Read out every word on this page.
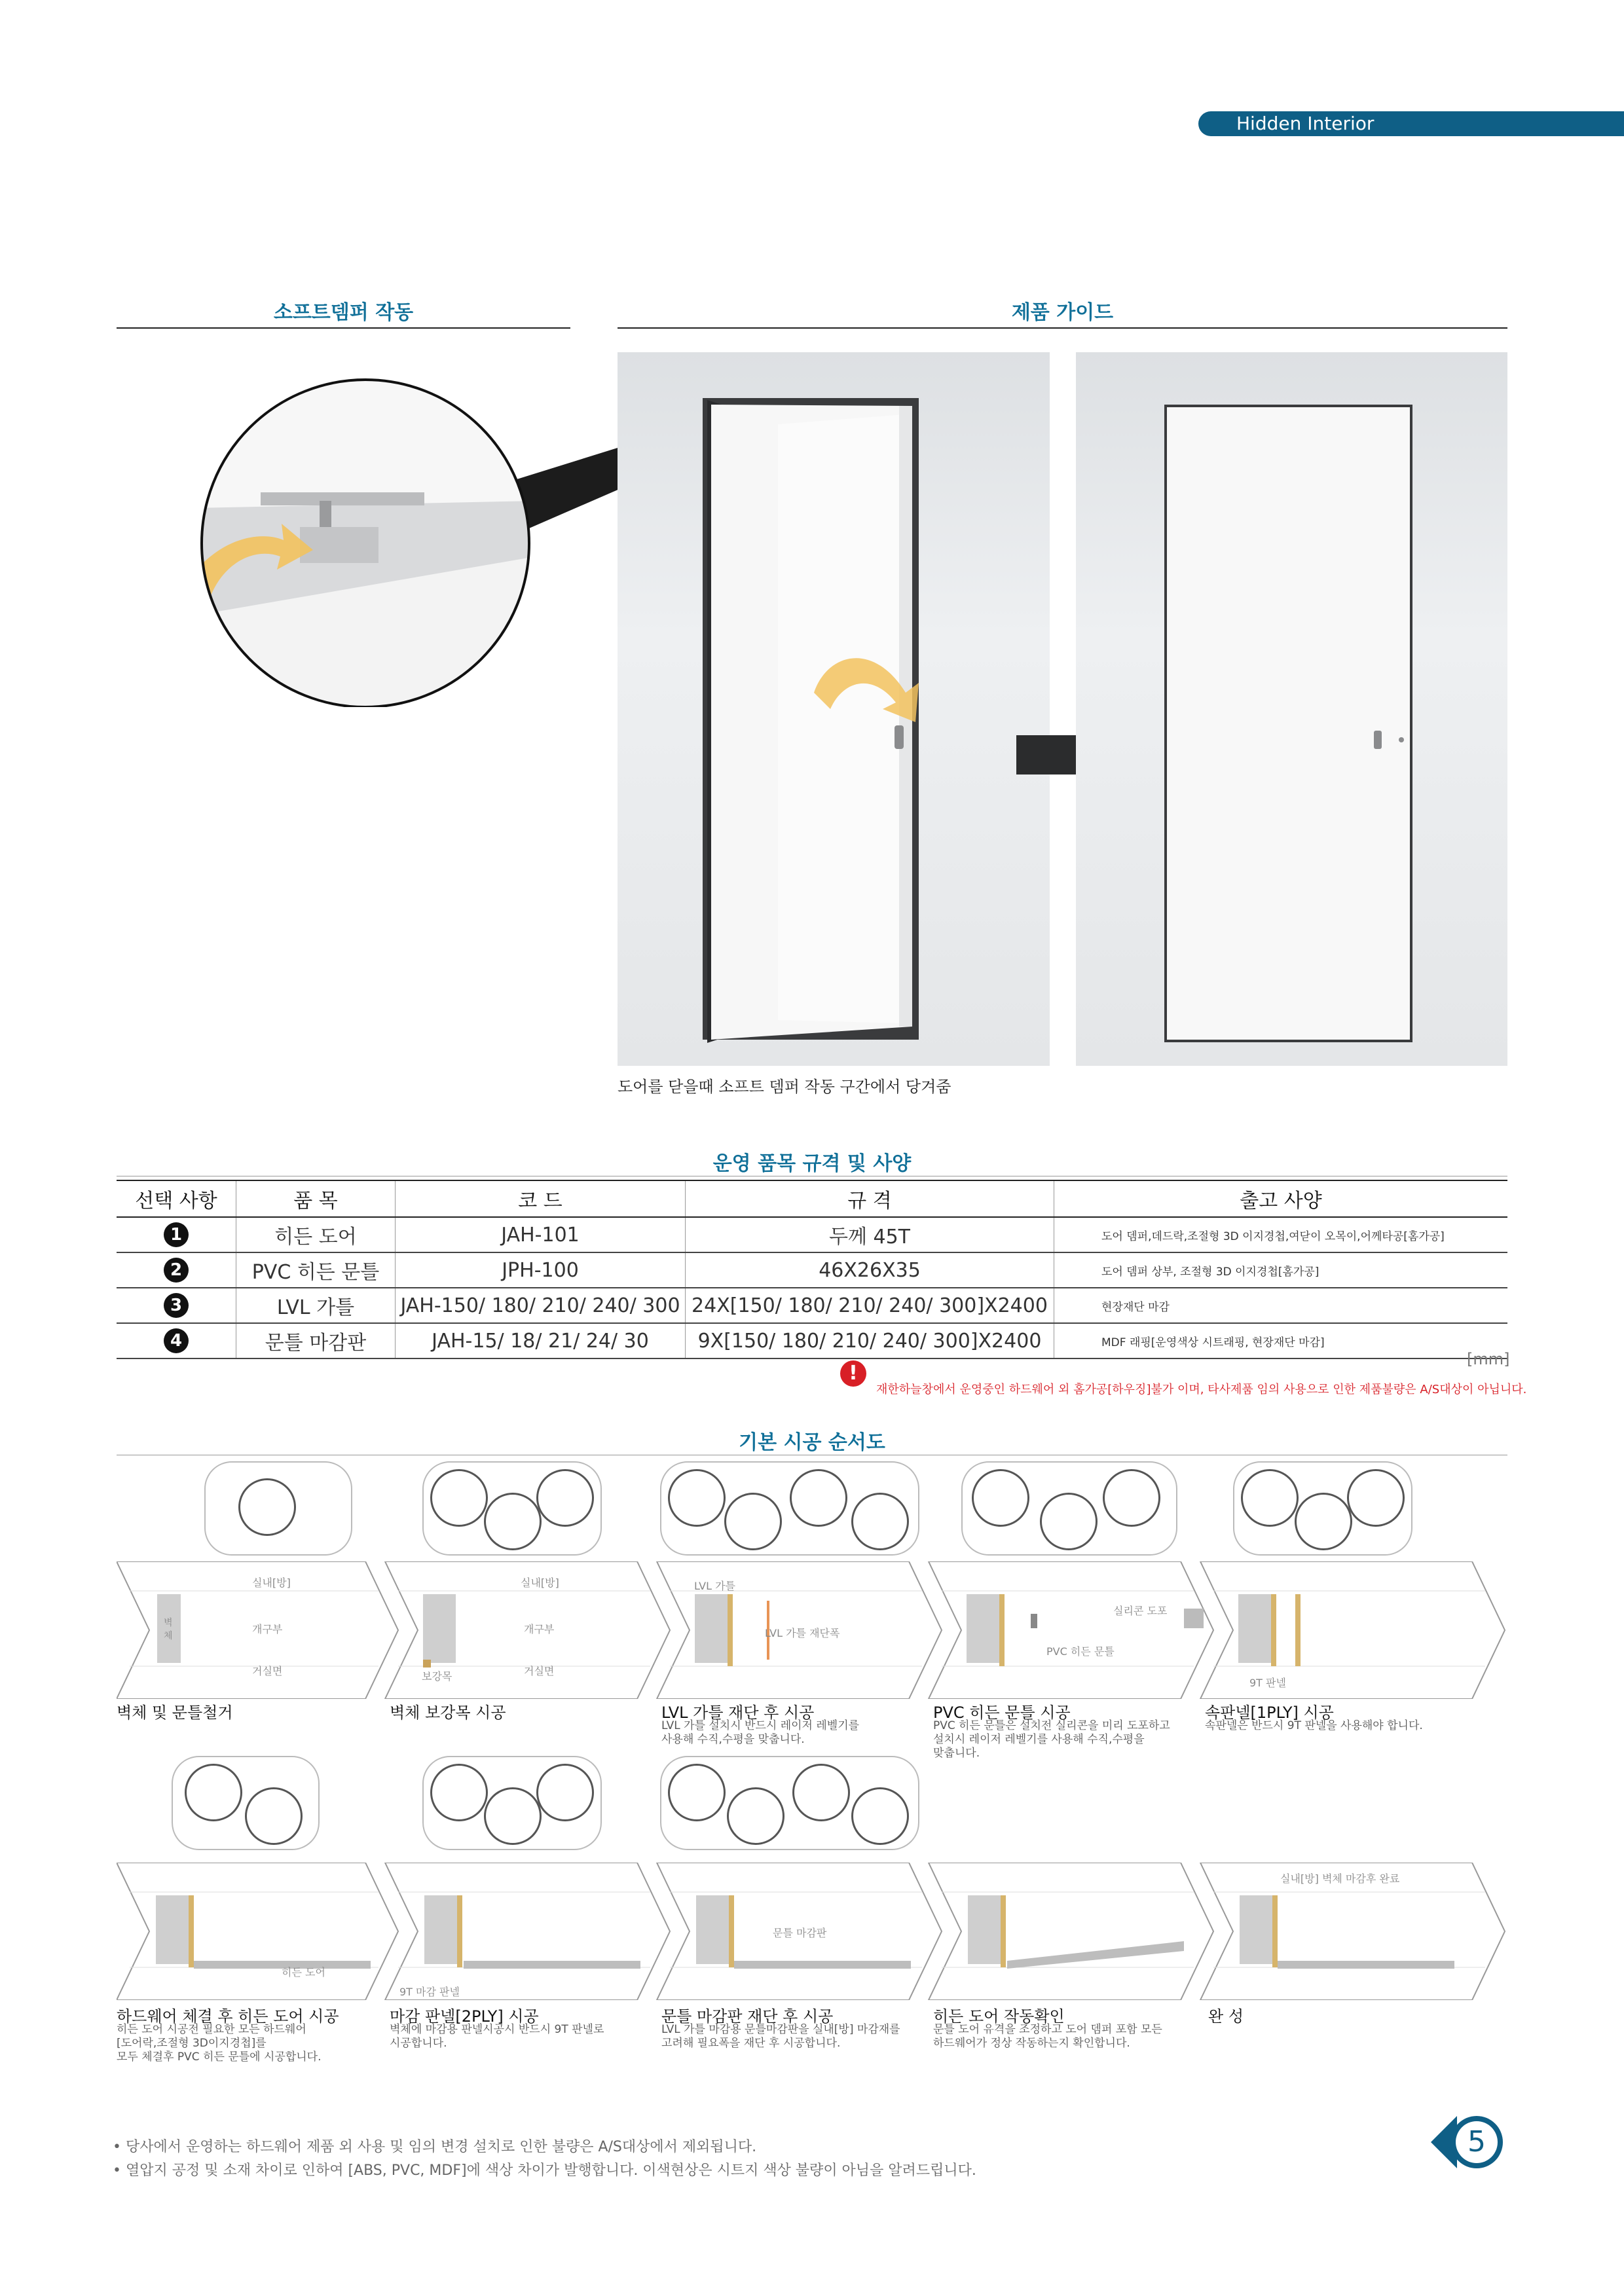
Hidden Interior
소프트뎀퍼 작동	제품 가이드
도어를 닫을때 소프트 뎀퍼 작동 구간에서 당겨줌
운영 품목 규격 및 사양
선택 사항	품 목	코 드	규 격	출고 사양
1	히든 도어	JAH-101	두께 45T	도어 뎀퍼,데드락,조절형 3D 이지경첩,여닫이 오목이,어께타공[홈가공]
2	PVC 히든 문틀	JPH-100	46X26X35	도어 뎀퍼 상부, 조절형 3D 이지경첩[홈가공]
3	LVL 가틀	JAH-150/ 180/ 210/ 240/ 300	24X[150/ 180/ 210/ 240/ 300]X2400	현장재단 마감
4	문틀 마감판	JAH-15/ 18/ 21/ 24/ 30	9X[150/ 180/ 210/ 240/ 300]X2400	MDF 래핑[운영색상 시트래핑, 현장재단 마감]
[mm]
!
재한하늘창에서 운영중인 하드웨어 외 홈가공[하우징]불가 이며, 타사제품 임의 사용으로 인한 제품불량은 A/S대상이 아닙니다.
기본 시공 순서도
실내[방]
개구부
거실면
벽체
실내[방]
개구부
거실면
보강목
LVL 가틀
LVL 가틀 재단폭
실리콘 도포
PVC 히든 문틀
9T 판넬
벽체 및 문틀철거	벽체 보강목 시공	LVL 가틀 재단 후 시공
LVL 가틀 설치시 반드시 레이저 레벨기를
사용해 수직,수평을 맞춥니다.
PVC 히든 문틀 시공
PVC 히든 문틀은 설치전 실리콘을 미리 도포하고
설치시 레이저 레벨기를 사용해 수직,수평을
맞춥니다.
속판넬[1PLY] 시공
속판넬은 반드시 9T 판넬을 사용해야 합니다.
히든 도어
9T 마감 판넬
문틀 마감판
실내[방] 벽체 마감후 완료
하드웨어 체결 후 히든 도어 시공
히든 도어 시공전 필요한 모든 하드웨어
[도어락,조절형 3D이지경첩]를
모두 체결후 PVC 히든 문틀에 시공합니다.
마감 판넬[2PLY] 시공
벽체에 마감용 판넬시공시 반드시 9T 판넬로
시공합니다.
문틀 마감판 재단 후 시공
LVL 가틀 마감용 문틀마감판을 실내[방] 마감재를
고려해 필요폭을 재단 후 시공합니다.
히든 도어 작동확인
문틀 도어 유격을 조정하고 도어 뎀퍼 포함 모든
하드웨어가 정상 작동하는지 확인합니다.
완 성
• 당사에서 운영하는 하드웨어 제품 외 사용 및 임의 변경 설치로 인한 불량은 A/S대상에서 제외됩니다.
• 열압지 공정 및 소재 차이로 인하여 [ABS, PVC, MDF]에 색상 차이가 발행합니다. 이색현상은 시트지 색상 불량이 아님을 알려드립니다.
5
